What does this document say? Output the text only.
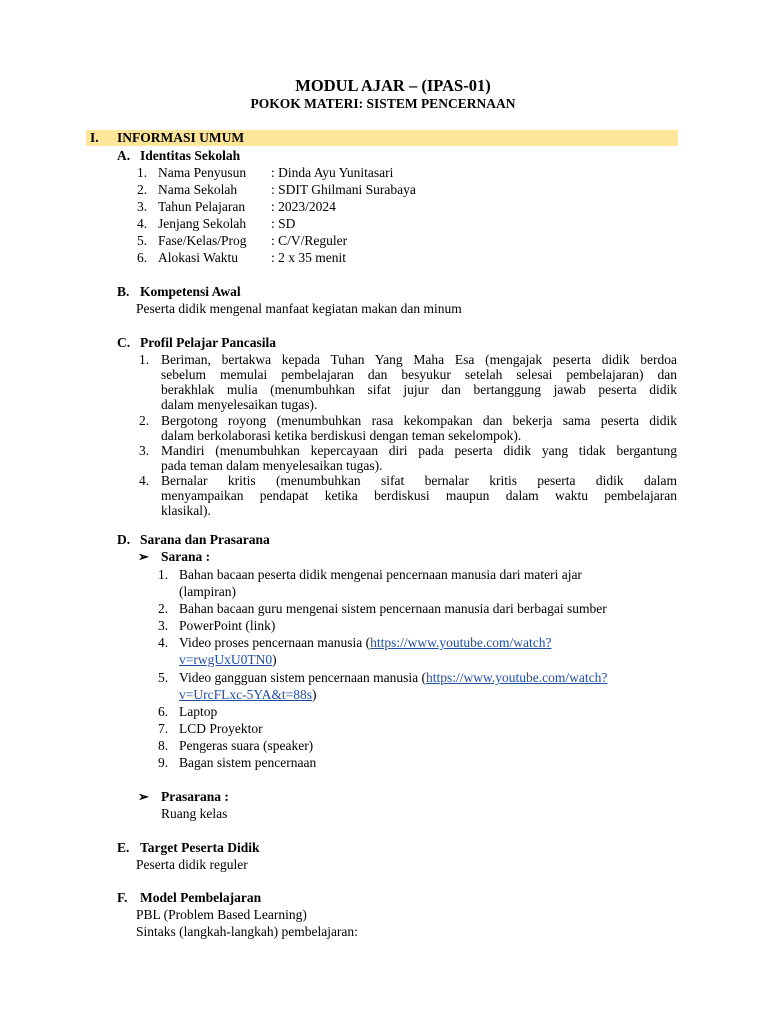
MODUL AJAR – (IPAS-01)
POKOK MATERI: SISTEM PENCERNAAN
I. INFORMASI UMUM
A. Identitas Sekolah
1. Nama Penyusun : Dinda Ayu Yunitasari
2. Nama Sekolah	: SDIT Ghilmani Surabaya
3. Tahun Pelajaran : 2023/2024
4. Jenjang Sekolah : SD
5. Fase/Kelas/Prog : C/V/Reguler
6. Alokasi Waktu : 2 x 35 menit
B. Kompetensi Awal
Peserta didik mengenal manfaat kegiatan makan dan minum
C. Profil Pelajar Pancasila
1. Beriman, bertakwa kepada Tuhan Yang Maha Esa (mengajak peserta didik berdoa
sebelum memulai pembelajaran dan besyukur setelah selesai pembelajaran) dan
berakhlak mulia (menumbuhkan sifat jujur dan bertanggung jawab peserta didik
dalam menyelesaikan tugas).
2. Bergotong royong (menumbuhkan rasa kekompakan dan bekerja sama peserta didik
dalam berkolaborasi ketika berdiskusi dengan teman sekelompok).
3. Mandiri (menumbuhkan kepercayaan diri pada peserta didik yang tidak bergantung
pada teman dalam menyelesaikan tugas).
4. Bernalar kritis (menumbuhkan sifat bernalar kritis peserta didik dalam
menyampaikan pendapat ketika berdiskusi maupun dalam waktu pembelajaran
klasikal).
D. Sarana dan Prasarana
➢ Sarana :
1. Bahan bacaan peserta didik mengenai pencernaan manusia dari materi ajar
(lampiran)
2. Bahan bacaan guru mengenai sistem pencernaan manusia dari berbagai sumber
3. PowerPoint (link)
4. Video proses pencernaan manusia (https://www.youtube.com/watch?
v=rwgUxU0TN0)
5. Video gangguan sistem pencernaan manusia (https://www.youtube.com/watch?
v=UrcFLxc-5YA&t=88s)
6. Laptop
7. LCD Proyektor
8. Pengeras suara (speaker)
9. Bagan sistem pencernaan
➢ Prasarana :
Ruang kelas
E. Target Peserta Didik
Peserta didik reguler
F. Model Pembelajaran
PBL (Problem Based Learning)
Sintaks (langkah-langkah) pembelajaran:
